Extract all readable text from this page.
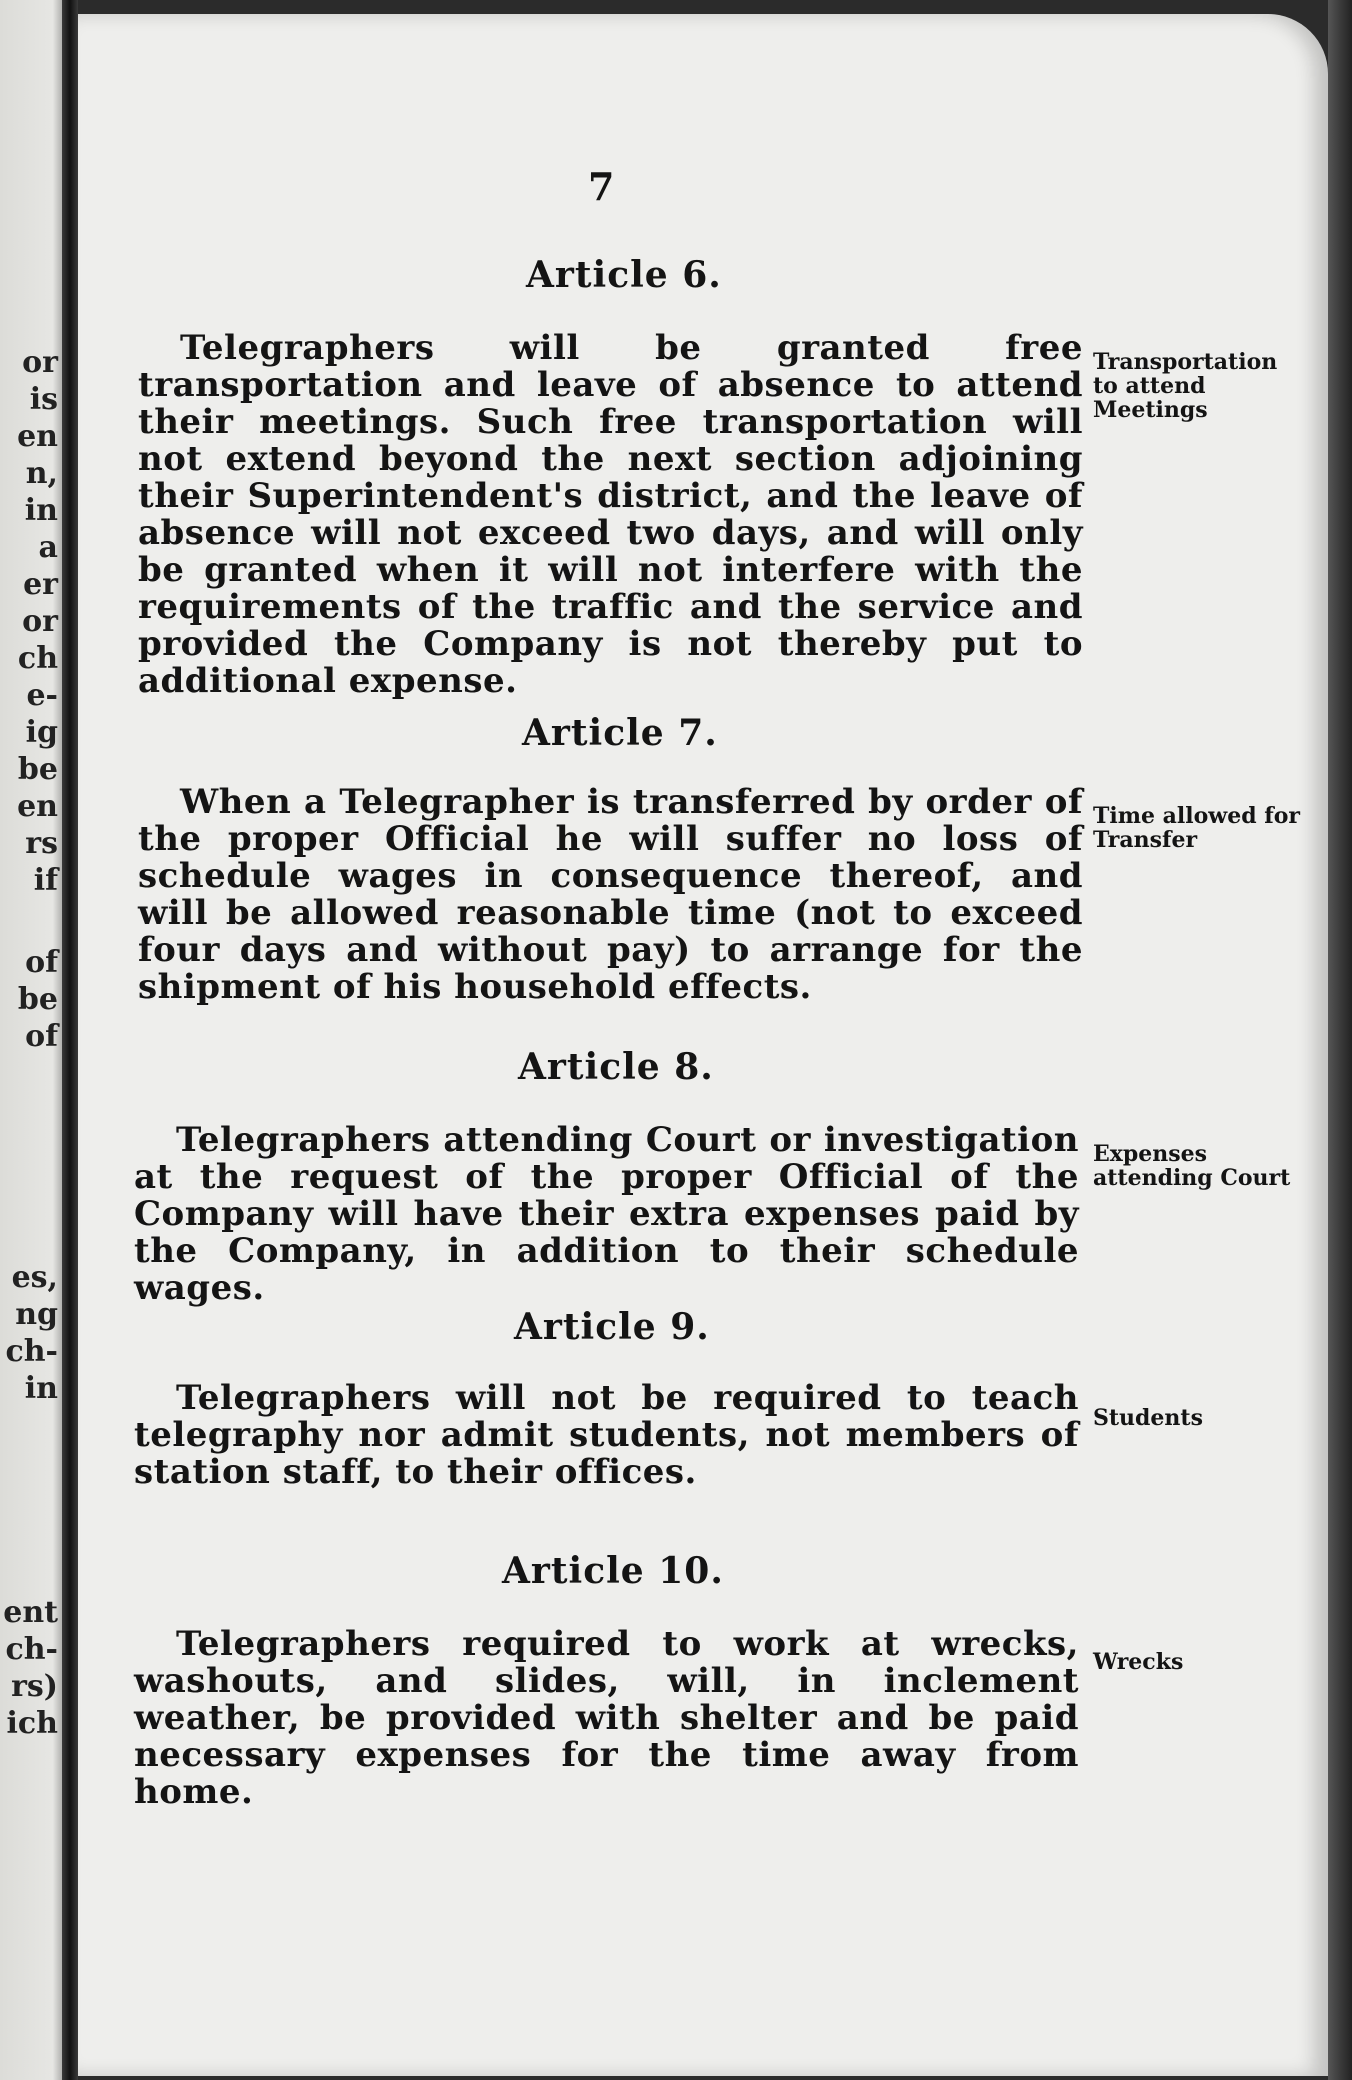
or
is
en
n,
in
a
er
or
ch
e-
ig
be
en
rs
if
of
be
of
es,
ng
ch-
in
ent
ch-
rs)
ich
7
Article 6.
Telegraphers will be granted free transportation and leave of absence to attend their meetings. Such free transportation will not extend beyond the next section adjoining their Superintendent's district, and the leave of absence will not exceed two days, and will only be granted when it will not interfere with the requirements of the traffic and the service and provided the Company is not thereby put to additional expense.
Transportation to attend Meetings
Article 7.
When a Telegrapher is transferred by order of the proper Official he will suffer no loss of schedule wages in consequence thereof, and will be allowed reasonable time (not to exceed four days and without pay) to arrange for the shipment of his household effects.
Time allowed for Transfer
Article 8.
Telegraphers attending Court or investigation at the request of the proper Official of the Company will have their extra expenses paid by the Company, in addition to their schedule wages.
Expenses attending Court
Article 9.
Telegraphers will not be required to teach telegraphy nor admit students, not members of station staff, to their offices.
Students
Article 10.
Telegraphers required to work at wrecks, washouts, and slides, will, in inclement weather, be provided with shelter and be paid necessary expenses for the time away from home.
Wrecks
